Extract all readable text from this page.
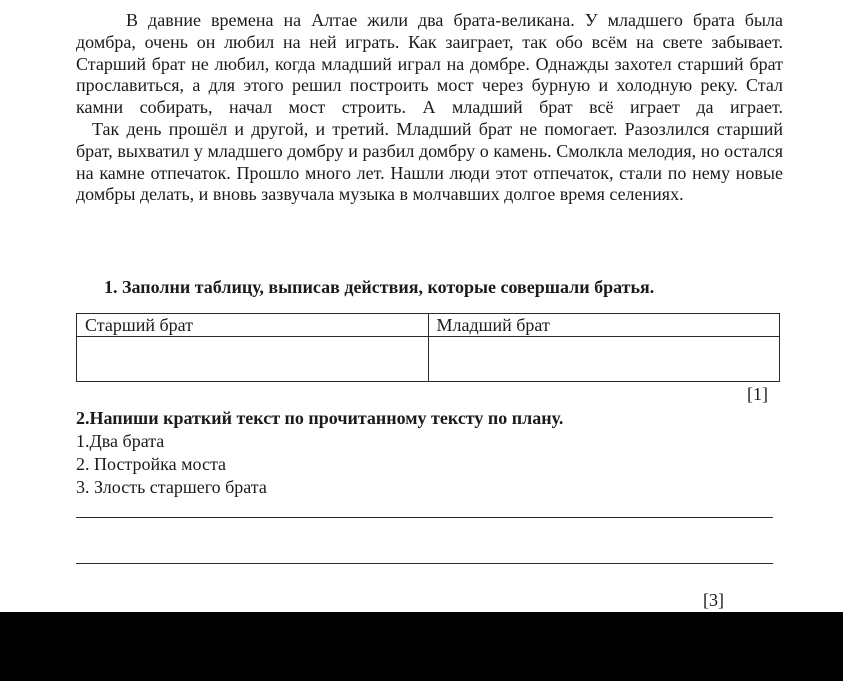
В давние времена на Алтае жили два брата-великана. У младшего брата была домбра, очень он любил на ней играть. Как заиграет, так обо всём на свете забывает. Старший брат не любил, когда младший играл на домбре. Однажды захотел старший брат прославиться, а для этого решил построить мост через бурную и холодную реку. Стал камни собирать, начал мост строить. А младший брат всё играет да играет.

Так день прошёл и другой, и третий. Младший брат не помогает. Разозлился старший брат, выхватил у младшего домбру и разбил домбру о камень. Смолкла мелодия, но остался на камне отпечаток. Прошло много лет. Нашли люди этот отпечаток, стали по нему новые домбры делать, и вновь зазвучала музыка в молчавших долгое время селениях.

1. Заполни таблицу, выписав действия, которые совершали братья.
Старший брат	Младший брат

[1]
2.Напиши краткий текст по прочитанному тексту по плану.
1.Два брата
2. Постройка моста
3. Злость старшего брата
[3]
